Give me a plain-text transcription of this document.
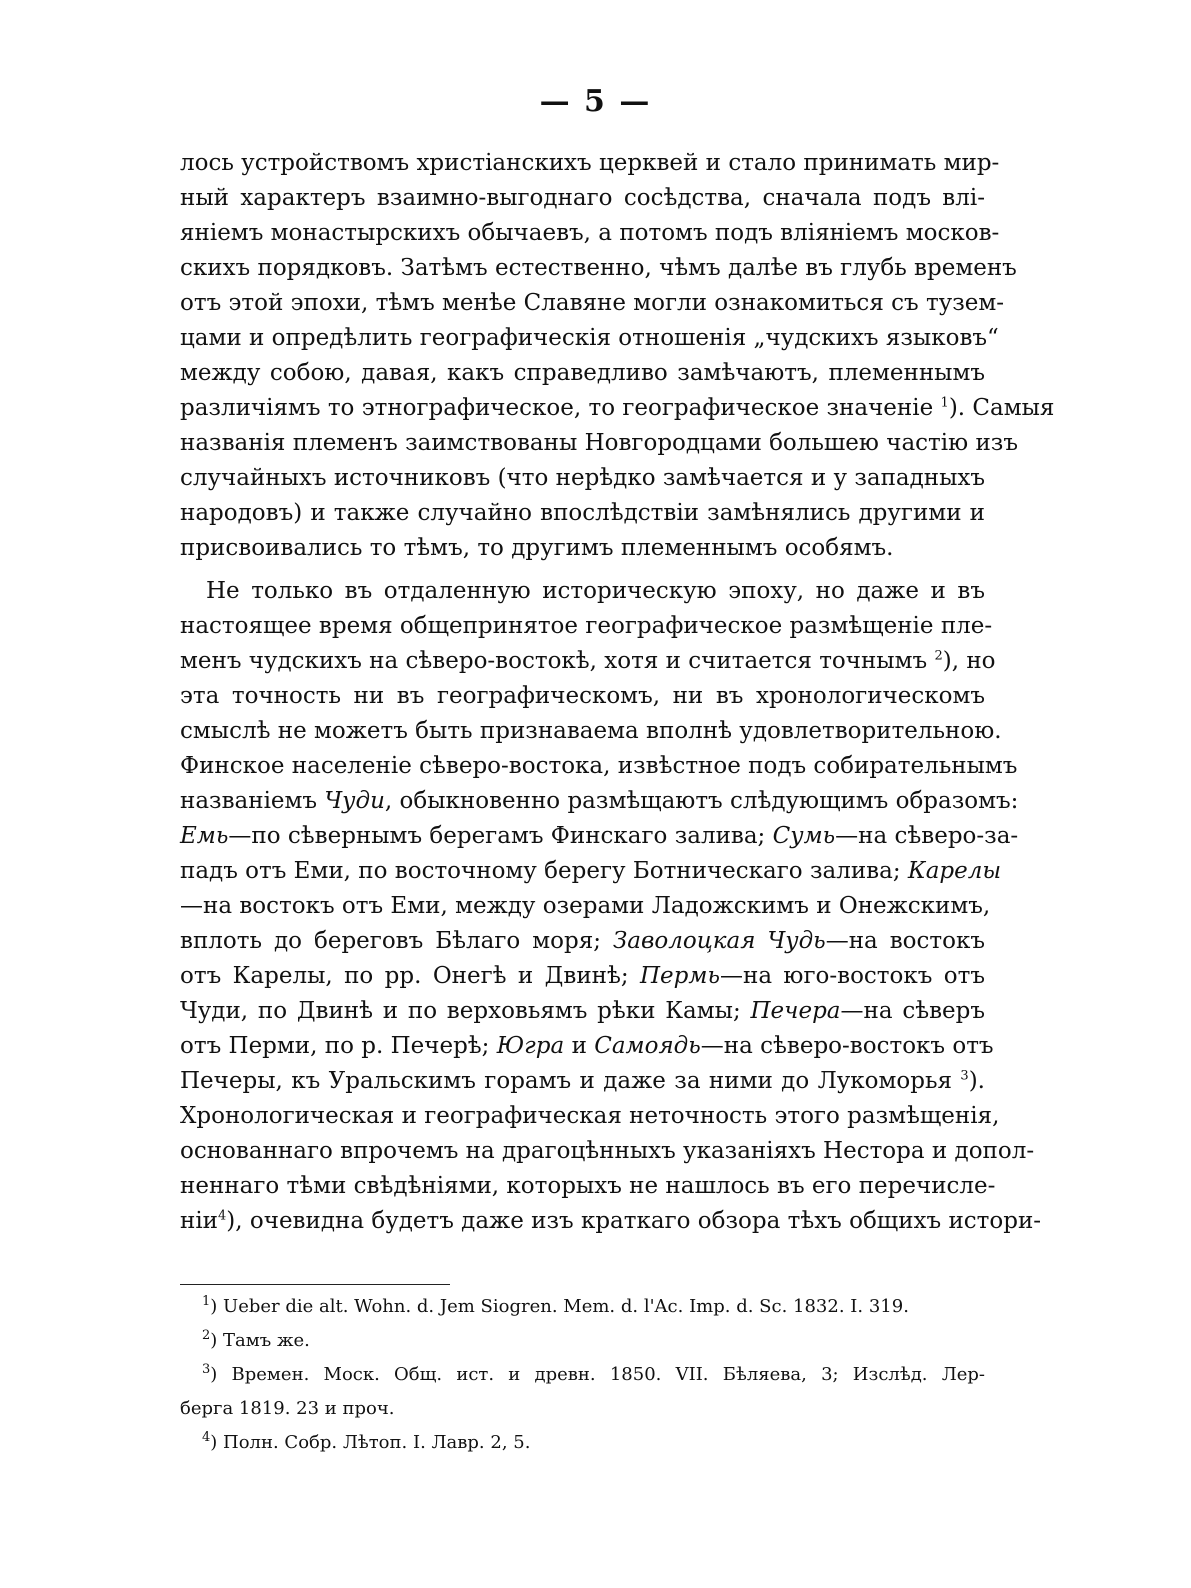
— 5 —
лось устройствомъ христіанскихъ церквей и стало принимать мир-
ный характеръ взаимно-выгоднаго сосѣдства, сначала подъ влі-
яніемъ монастырскихъ обычаевъ, а потомъ подъ вліяніемъ москов-
скихъ порядковъ. Затѣмъ естественно, чѣмъ далѣе въ глубь временъ
отъ этой эпохи, тѣмъ менѣе Славяне могли ознакомиться съ тузем-
цами и опредѣлить географическія отношенія „чудскихъ языковъ“
между собою, давая, какъ справедливо замѣчаютъ, племеннымъ
различіямъ то этнографическое, то географическое значеніе $^1$). Самыя
названія племенъ заимствованы Новгородцами большею частію изъ
случайныхъ источниковъ (что нерѣдко замѣчается и у западныхъ
народовъ) и также случайно впослѣдствіи замѣнялись другими и
присвоивались то тѣмъ, то другимъ племеннымъ особямъ.
Не только въ отдаленную историческую эпоху, но даже и въ
настоящее время общепринятое географическое размѣщеніе пле-
менъ чудскихъ на сѣверо-востокѣ, хотя и считается точнымъ $^2$), но
эта точность ни въ географическомъ, ни въ хронологическомъ
смыслѣ не можетъ быть признаваема вполнѣ удовлетворительною.
Финское населеніе сѣверо-востока, извѣстное подъ собирательнымъ
названіемъ Чуди, обыкновенно размѣщаютъ слѣдующимъ образомъ:
Емь—по сѣвернымъ берегамъ Финскаго залива; Сумь—на сѣверо-за-
падъ отъ Еми, по восточному берегу Ботническаго залива; Карелы
—на востокъ отъ Еми, между озерами Ладожскимъ и Онежскимъ,
вплоть до береговъ Бѣлаго моря; Заволоцкая Чудь—на востокъ
отъ Карелы, по рр. Онегѣ и Двинѣ; Пермь—на юго-востокъ отъ
Чуди, по Двинѣ и по верховьямъ рѣки Камы; Печера—на сѣверъ
отъ Перми, по р. Печерѣ; Югра и Самоядь—на сѣверо-востокъ отъ
Печеры, къ Уральскимъ горамъ и даже за ними до Лукоморья $^3$).
Хронологическая и географическая неточность этого размѣщенія,
основаннаго впрочемъ на драгоцѣнныхъ указаніяхъ Нестора и допол-
неннаго тѣми свѣдѣніями, которыхъ не нашлось въ его перечисле-
ніи$^4$), очевидна будетъ даже изъ краткаго обзора тѣхъ общихъ истори-
$^1$) Ueber die alt. Wohn. d. Jem Siogren. Mem. d. l'Ac. Imp. d. Sc. 1832. I. 319.
$^2$) Тамъ же.
$^3$) Времен. Моск. Общ. ист. и древн. 1850. VII. Бѣляева, 3; Изслѣд. Лер-
берга 1819. 23 и проч.
$^4$) Полн. Собр. Лѣтоп. I. Лавр. 2, 5.
